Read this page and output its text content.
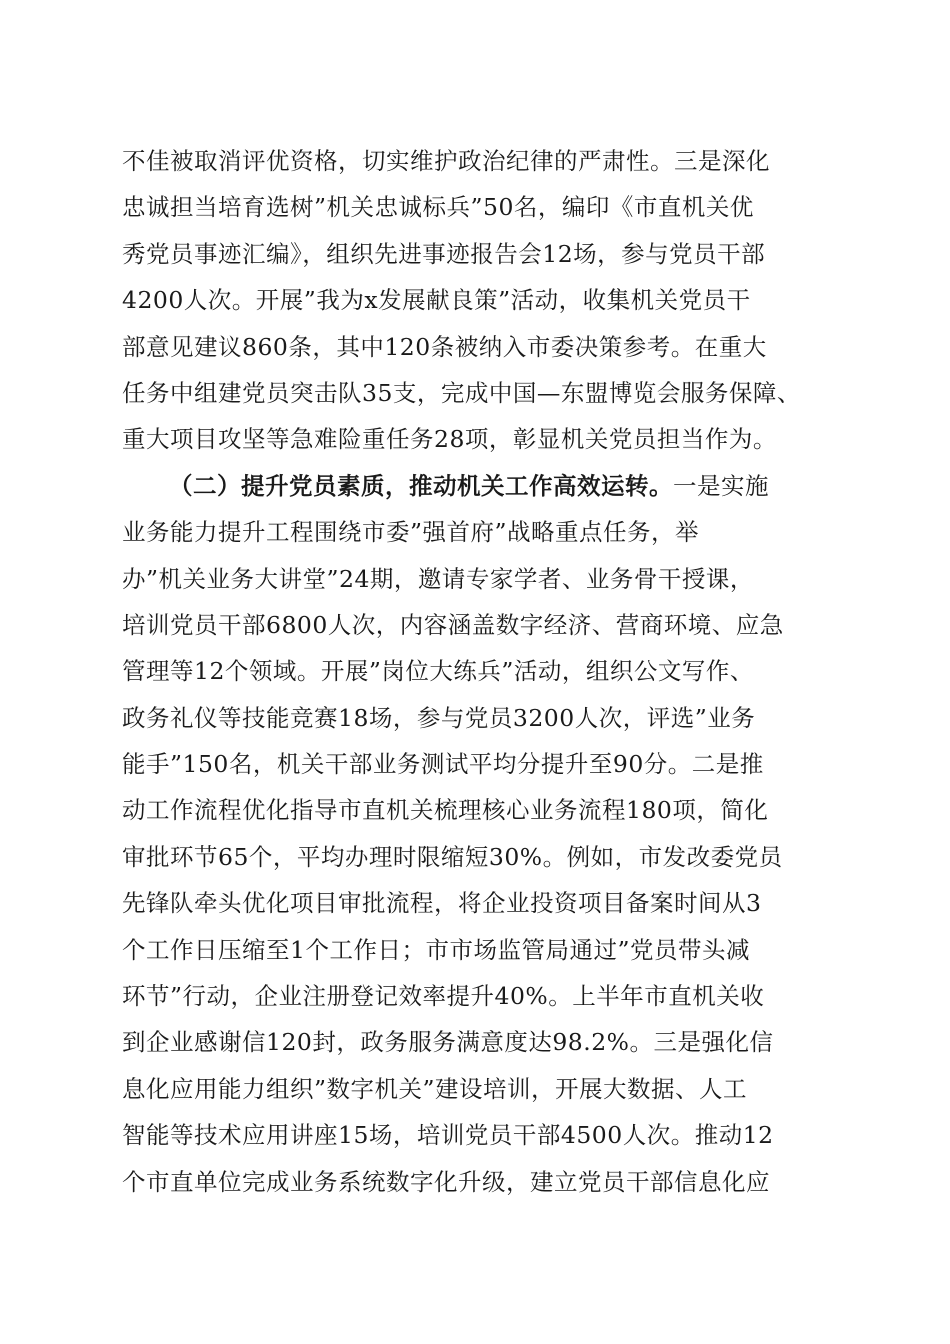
不佳被取消评优资格，切实维护政治纪律的严肃性。三是深化
忠诚担当培育选树”机关忠诚标兵”50名，编印《市直机关优
秀党员事迹汇编》，组织先进事迹报告会12场，参与党员干部
4200人次。开展”我为x发展献良策”活动，收集机关党员干
部意见建议860条，其中120条被纳入市委决策参考。在重大
任务中组建党员突击队35支，完成中国—东盟博览会服务保障、
重大项目攻坚等急难险重任务28项，彰显机关党员担当作为。
（二）提升党员素质，推动机关工作高效运转。一是实施
业务能力提升工程围绕市委”强首府”战略重点任务，举
办”机关业务大讲堂”24期，邀请专家学者、业务骨干授课，
培训党员干部6800人次，内容涵盖数字经济、营商环境、应急
管理等12个领域。开展”岗位大练兵”活动，组织公文写作、
政务礼仪等技能竞赛18场，参与党员3200人次，评选”业务
能手”150名，机关干部业务测试平均分提升至90分。二是推
动工作流程优化指导市直机关梳理核心业务流程180项，简化
审批环节65个，平均办理时限缩短30%。例如，市发改委党员
先锋队牵头优化项目审批流程，将企业投资项目备案时间从3
个工作日压缩至1个工作日；市市场监管局通过”党员带头减
环节”行动，企业注册登记效率提升40%。上半年市直机关收
到企业感谢信120封，政务服务满意度达98.2%。三是强化信
息化应用能力组织”数字机关”建设培训，开展大数据、人工
智能等技术应用讲座15场，培训党员干部4500人次。推动12
个市直单位完成业务系统数字化升级，建立党员干部信息化应
